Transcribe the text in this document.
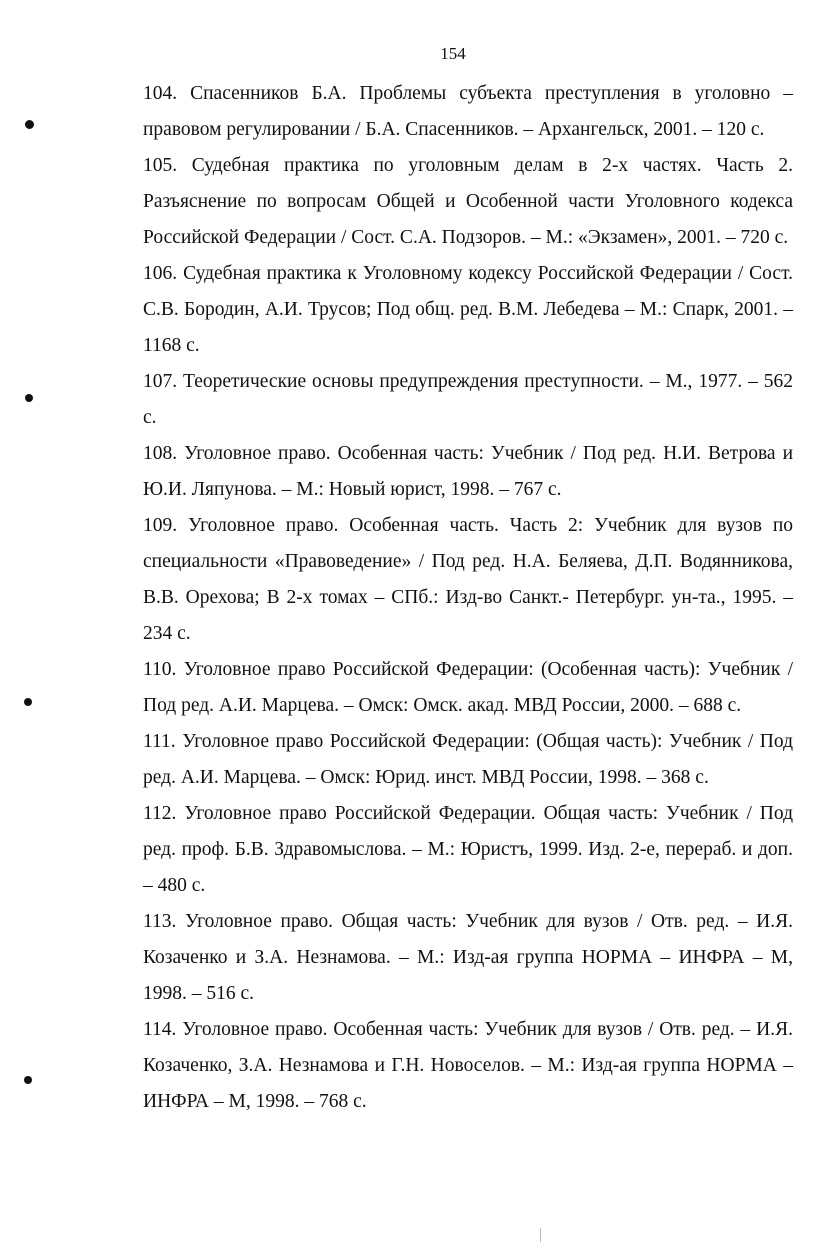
154

104. Спасенников Б.А. Проблемы субъекта преступления в уголовно – правовом регулировании / Б.А. Спасенников. – Архангельск, 2001. – 120 с.

105. Судебная практика по уголовным делам в 2-х частях. Часть 2. Разъяснение по вопросам Общей и Особенной части Уголовного кодекса Российской Федерации / Сост. С.А. Подзоров. – М.: «Экзамен», 2001. – 720 с.

106. Судебная практика к Уголовному кодексу Российской Федерации / Сост. С.В. Бородин, А.И. Трусов; Под общ. ред. В.М. Лебедева – М.: Спарк, 2001. – 1168 с.

107. Теоретические основы предупреждения преступности. – М., 1977. – 562 с.

108. Уголовное право. Особенная часть: Учебник / Под ред. Н.И. Ветрова и Ю.И. Ляпунова. – М.: Новый юрист, 1998. – 767 с.

109. Уголовное право. Особенная часть. Часть 2: Учебник для вузов по специальности «Правоведение» / Под ред. Н.А. Беляева, Д.П. Водянникова, В.В. Орехова; В 2-х томах – СПб.: Изд-во Санкт.- Петербург. ун-та., 1995. – 234 с.

110. Уголовное право Российской Федерации: (Особенная часть): Учебник / Под ред. А.И. Марцева. – Омск: Омск. акад. МВД России, 2000. – 688 с.

111. Уголовное право Российской Федерации: (Общая часть): Учебник / Под ред. А.И. Марцева. – Омск: Юрид. инст. МВД России, 1998. – 368 с.

112. Уголовное право Российской Федерации. Общая часть: Учебник / Под ред. проф. Б.В. Здравомыслова. – М.: Юристъ, 1999. Изд. 2-е, перераб. и доп. – 480 с.

113. Уголовное право. Общая часть: Учебник для вузов / Отв. ред. – И.Я. Козаченко и З.А. Незнамова. – М.: Изд-ая группа НОРМА – ИНФРА – М, 1998. – 516 с.

114. Уголовное право. Особенная часть: Учебник для вузов / Отв. ред. – И.Я. Козаченко, З.А. Незнамова и Г.Н. Новоселов. – М.: Изд-ая группа НОРМА – ИНФРА – М, 1998. – 768 с.
